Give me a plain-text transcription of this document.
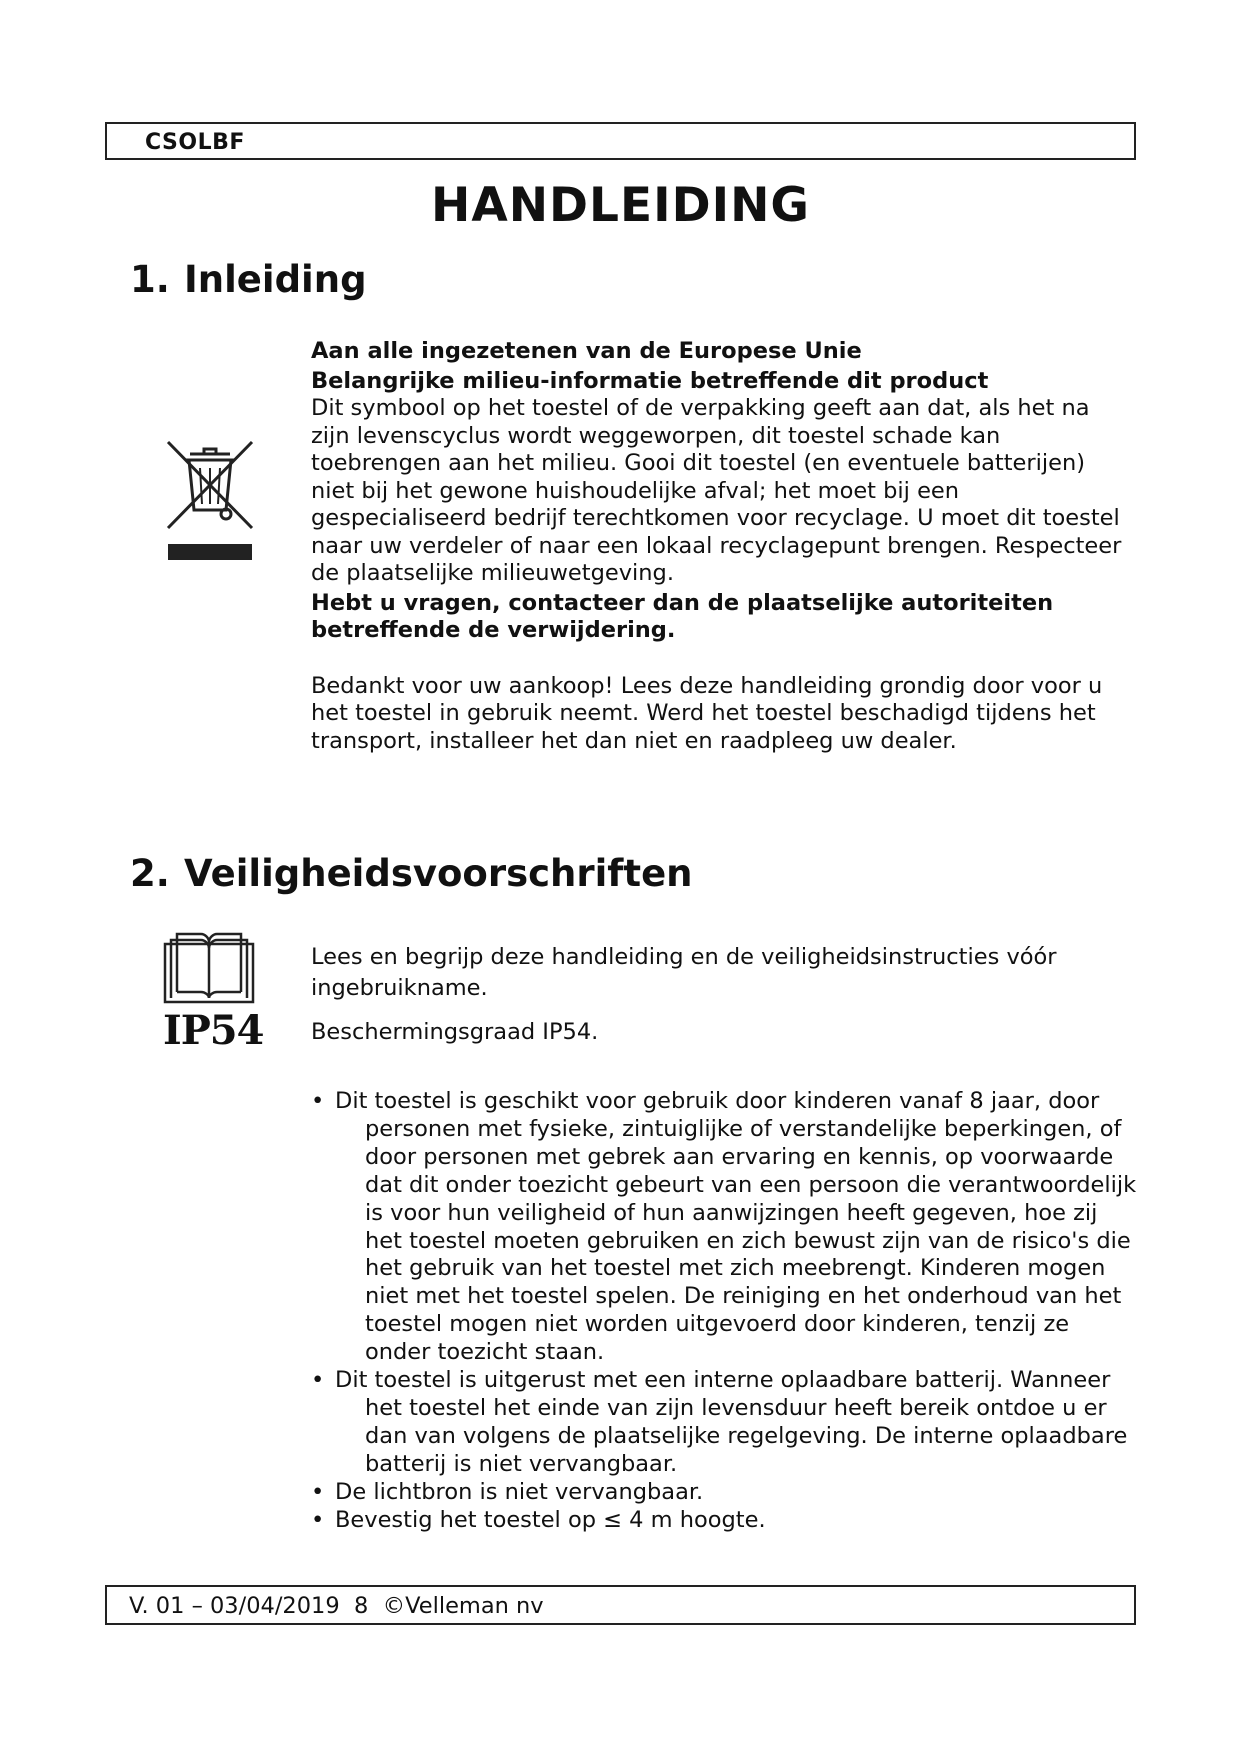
CSOLBF
HANDLEIDING
1. Inleiding

Aan alle ingezetenen van de Europese Unie

Belangrijke milieu-informatie betreffende dit product

Dit symbool op het toestel of de verpakking geeft aan dat, als het na zijn levenscyclus wordt weggeworpen, dit toestel schade kan toebrengen aan het milieu. Gooi dit toestel (en eventuele batterijen) niet bij het gewone huishoudelijke afval; het moet bij een gespecialiseerd bedrijf terechtkomen voor recyclage. U moet dit toestel naar uw verdeler of naar een lokaal recyclagepunt brengen. Respecteer de plaatselijke milieuwetgeving.

Hebt u vragen, contacteer dan de plaatselijke autoriteiten betreffende de verwijdering.

Bedankt voor uw aankoop! Lees deze handleiding grondig door voor u het toestel in gebruik neemt. Werd het toestel beschadigd tijdens het transport, installeer het dan niet en raadpleeg uw dealer.

2. Veiligheidsvoorschriften
IP54
Lees en begrijp deze handleiding en de veiligheidsinstructies vóór ingebruikname.
Beschermingsgraad IP54.
• Dit toestel is geschikt voor gebruik door kinderen vanaf 8 jaar, door personen met fysieke, zintuiglijke of verstandelijke beperkingen, of door personen met gebrek aan ervaring en kennis, op voorwaarde dat dit onder toezicht gebeurt van een persoon die verantwoordelijk is voor hun veiligheid of hun aanwijzingen heeft gegeven, hoe zij het toestel moeten gebruiken en zich bewust zijn van de risico's die het gebruik van het toestel met zich meebrengt. Kinderen mogen niet met het toestel spelen. De reiniging en het onderhoud van het toestel mogen niet worden uitgevoerd door kinderen, tenzij ze onder toezicht staan.
• Dit toestel is uitgerust met een interne oplaadbare batterij. Wanneer het toestel het einde van zijn levensduur heeft bereik ontdoe u er dan van volgens de plaatselijke regelgeving. De interne oplaadbare batterij is niet vervangbaar.
• De lichtbron is niet vervangbaar.
• Bevestig het toestel op ≤ 4 m hoogte.
V. 01 – 03/04/2019  8  ©Velleman nv
